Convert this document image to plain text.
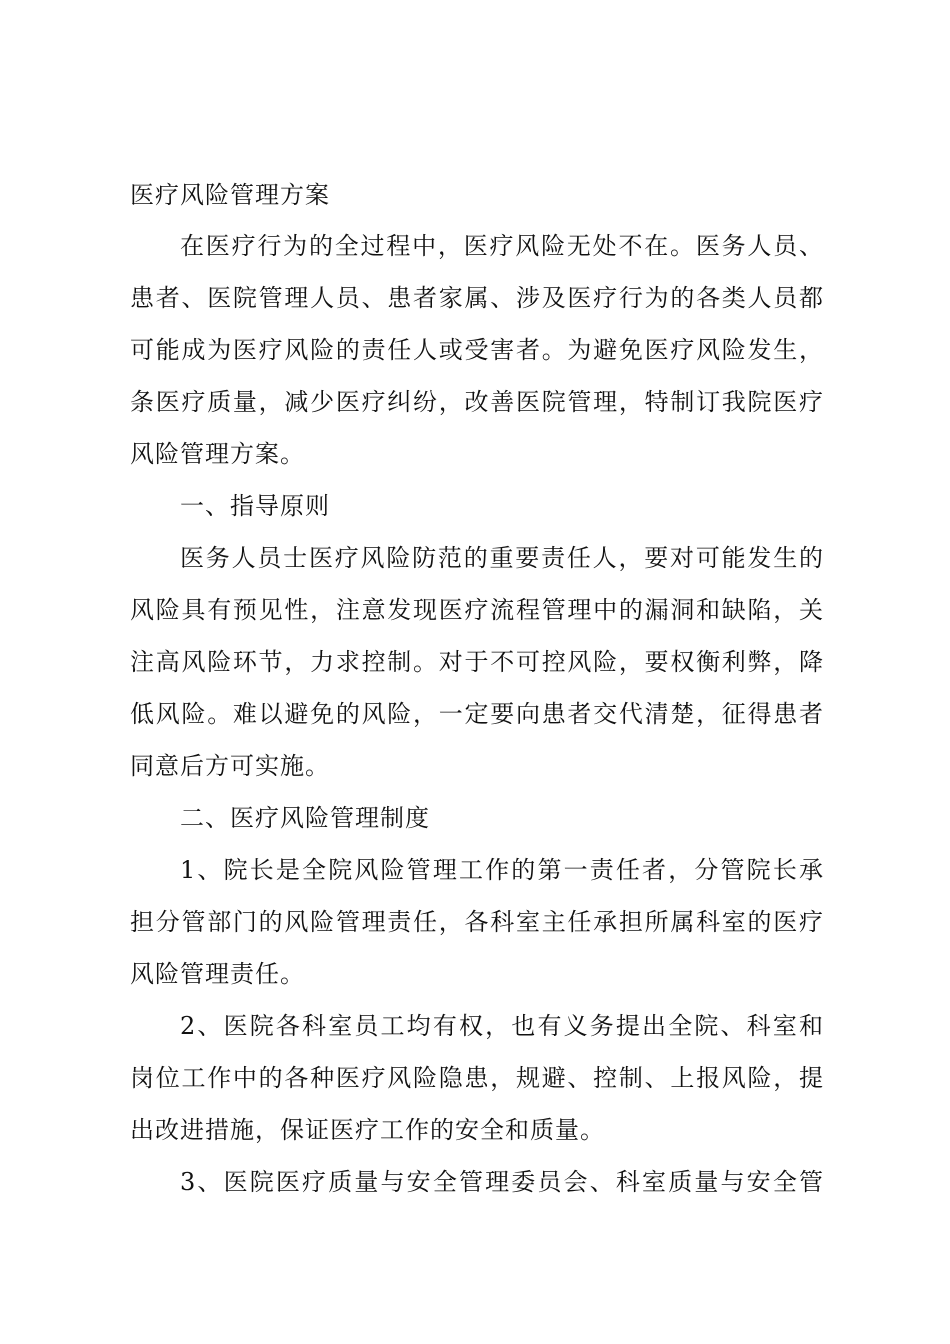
医疗风险管理方案
在医疗行为的全过程中，医疗风险无处不在。医务人员、
患者、医院管理人员、患者家属、涉及医疗行为的各类人员都
可能成为医疗风险的责任人或受害者。为避免医疗风险发生，
条医疗质量，减少医疗纠纷，改善医院管理，特制订我院医疗
风险管理方案。
一、指导原则
医务人员士医疗风险防范的重要责任人，要对可能发生的
风险具有预见性，注意发现医疗流程管理中的漏洞和缺陷，关
注高风险环节，力求控制。对于不可控风险，要权衡利弊，降
低风险。难以避免的风险，一定要向患者交代清楚，征得患者
同意后方可实施。
二、医疗风险管理制度
1、院长是全院风险管理工作的第一责任者，分管院长承
担分管部门的风险管理责任，各科室主任承担所属科室的医疗
风险管理责任。
2、医院各科室员工均有权，也有义务提出全院、科室和
岗位工作中的各种医疗风险隐患，规避、控制、上报风险，提
出改进措施，保证医疗工作的安全和质量。
3、医院医疗质量与安全管理委员会、科室质量与安全管
